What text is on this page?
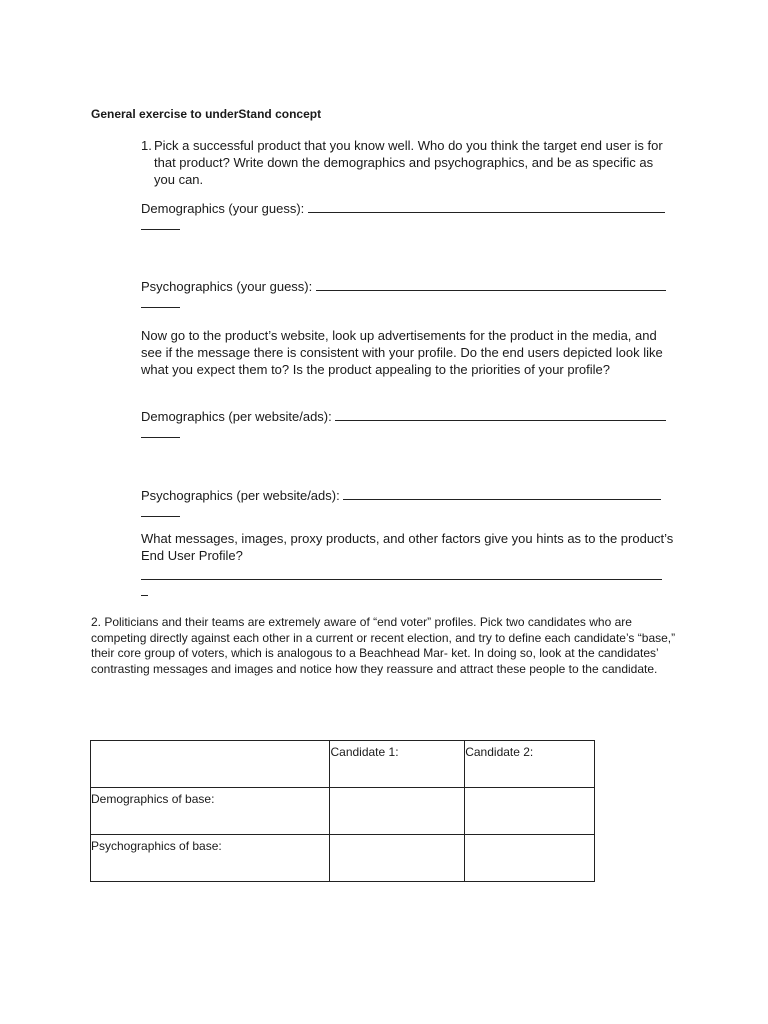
General exercise to underStand concept
1. Pick a successful product that you know well. Who do you think the target end user is for that product? Write down the demographics and psychographics, and be as specific as you can.
Demographics (your guess):
Psychographics (your guess):
Now go to the product’s website, look up advertisements for the product in the media, and see if the message there is consistent with your profile. Do the end users depicted look like what you expect them to? Is the product appealing to the priorities of your profile?
Demographics (per website/ads):
Psychographics (per website/ads):
What messages, images, proxy products, and other factors give you hints as to the product’s End User Profile?
2. Politicians and their teams are extremely aware of “end voter” profiles. Pick two candidates who are competing directly against each other in a current or recent election, and try to define each candidate’s “base,” their core group of voters, which is analogous to a Beachhead Mar- ket. In doing so, look at the candidates’ contrasting messages and images and notice how they reassure and attract these people to the candidate.
	Candidate 1:	Candidate 2:
Demographics of base:		
Psychographics of base:		
